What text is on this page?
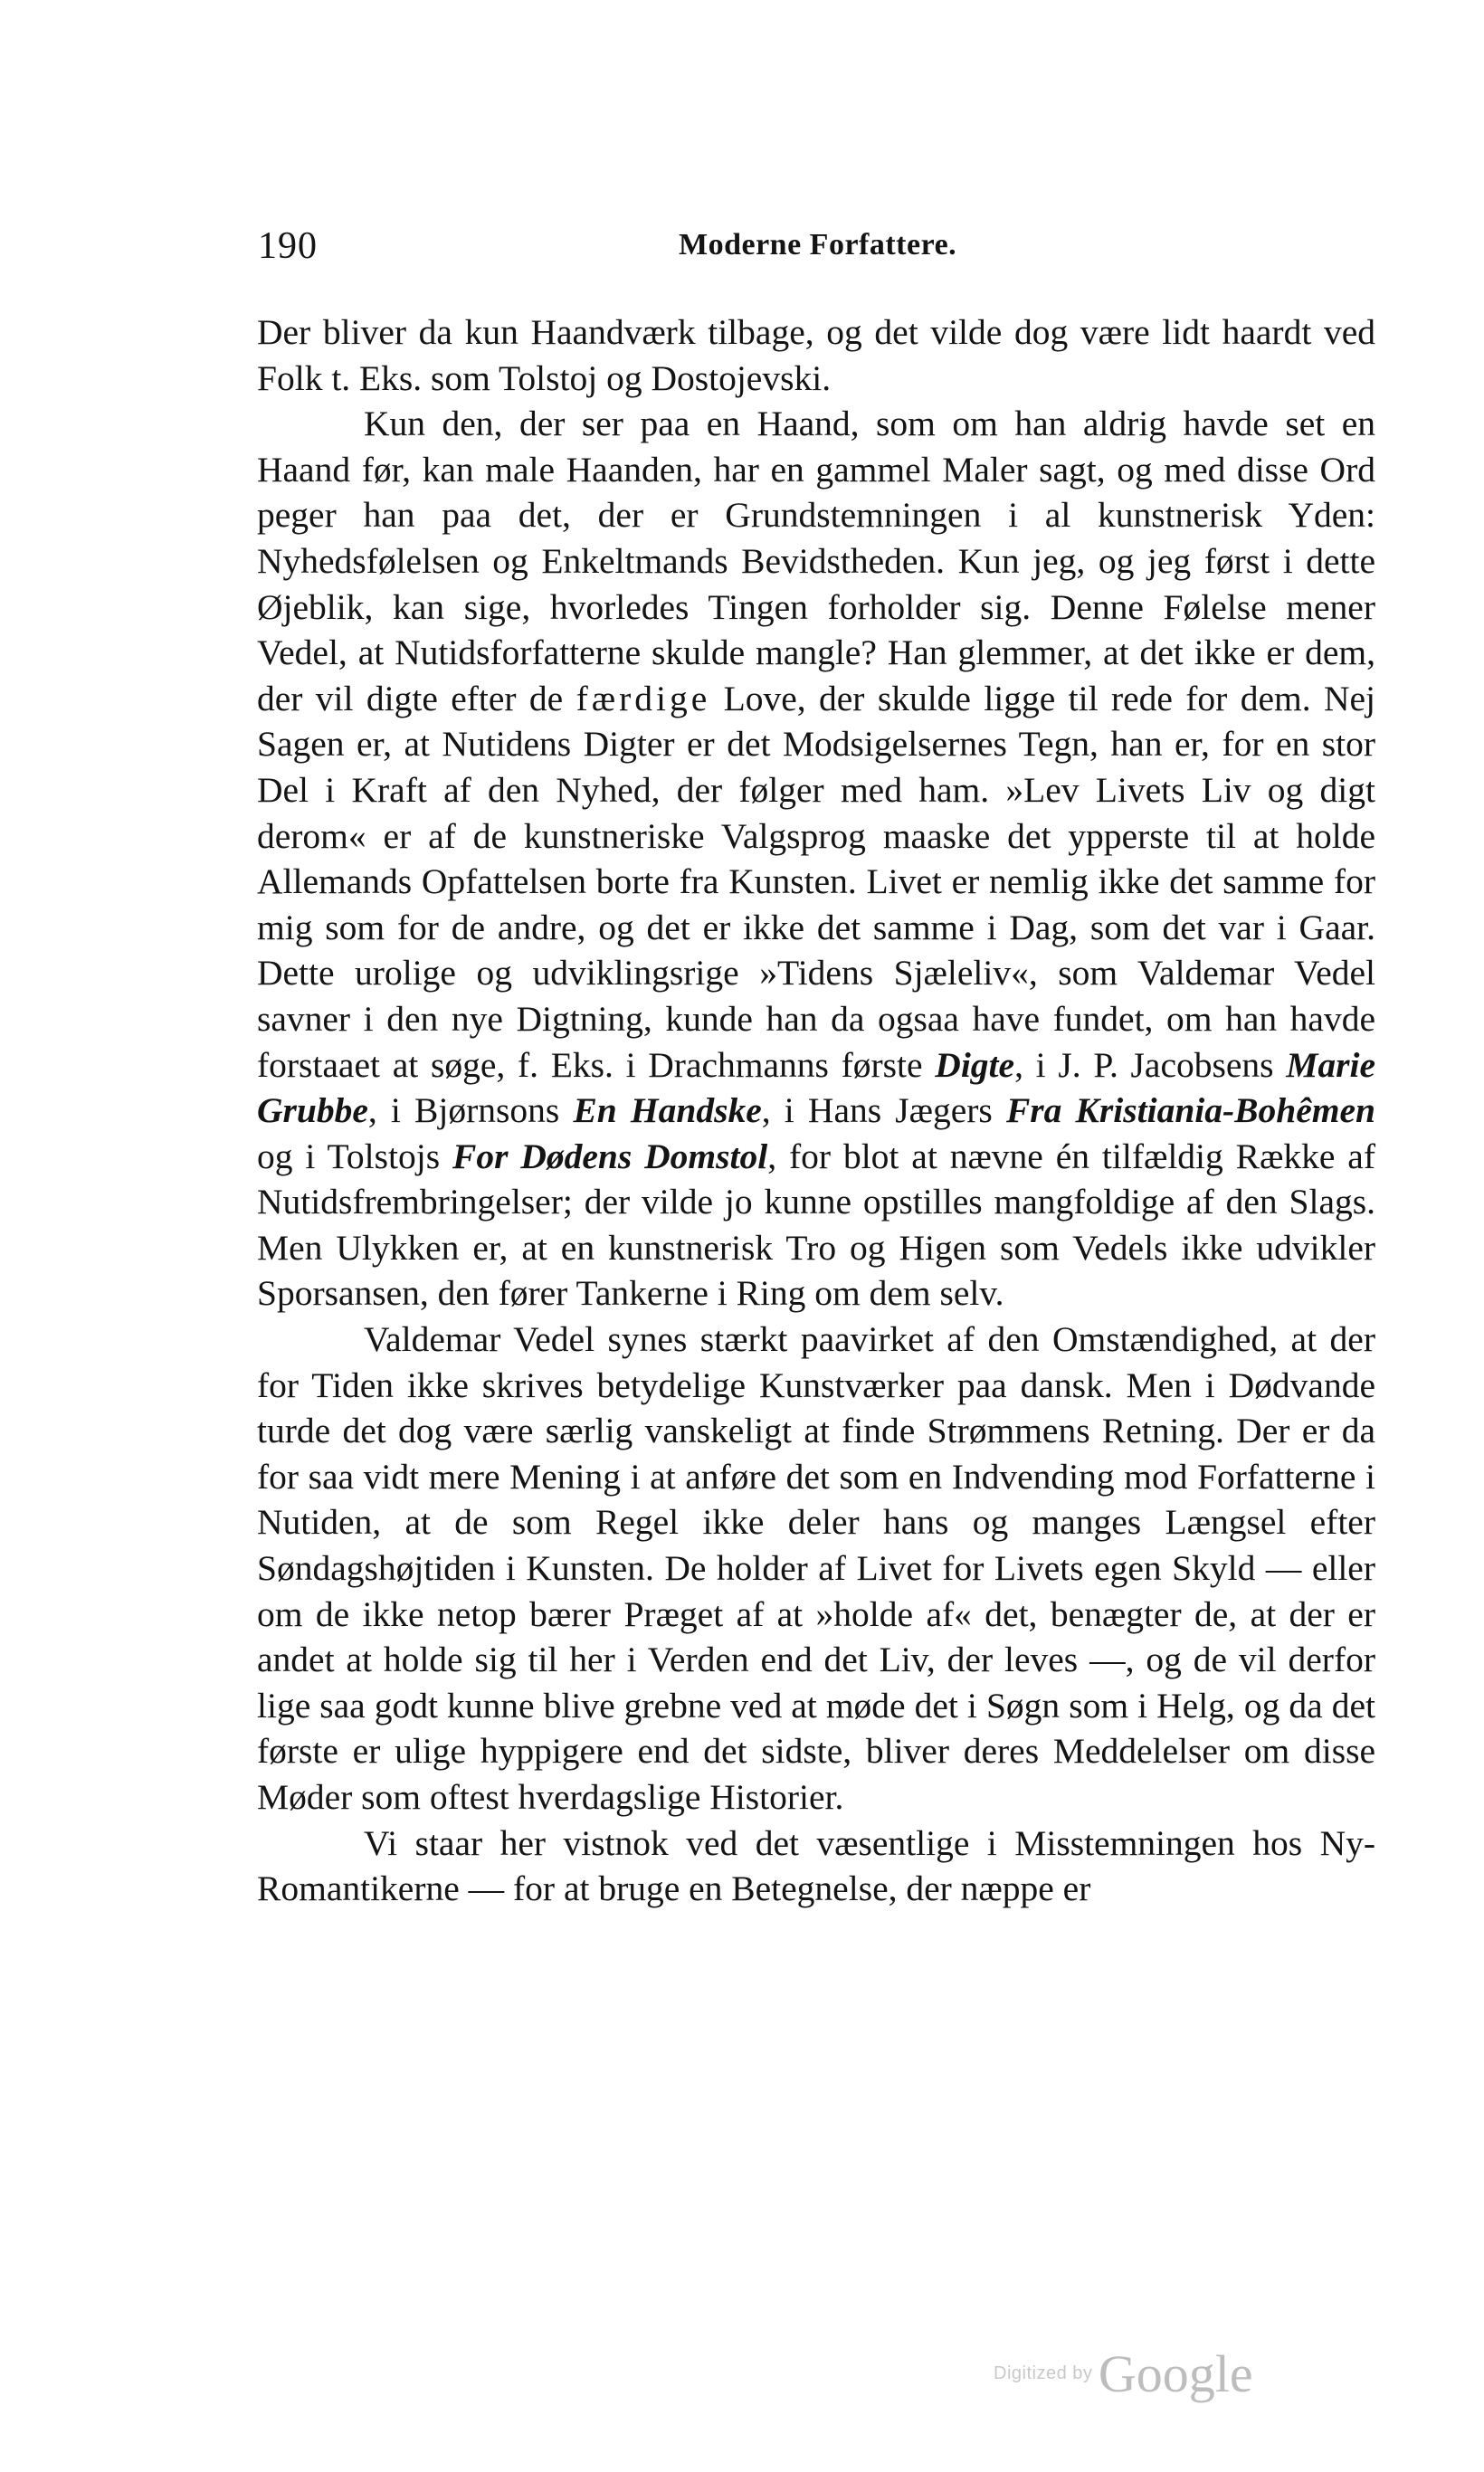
190	Moderne Forfattere.

Der bliver da kun Haandværk tilbage, og det vilde dog være lidt haardt ved Folk t. Eks. som Tolstoj og Dostojevski.

Kun den, der ser paa en Haand, som om han aldrig havde set en Haand før, kan male Haanden, har en gammel Maler sagt, og med disse Ord peger han paa det, der er Grundstemningen i al kunstnerisk Yden: Nyhedsfølelsen og Enkeltmands Bevidstheden. Kun jeg, og jeg først i dette Øjeblik, kan sige, hvorledes Tingen forholder sig. Denne Følelse mener Vedel, at Nutidsforfatterne skulde mangle? Han glemmer, at det ikke er dem, der vil digte efter de færdige Love, der skulde ligge til rede for dem. Nej Sagen er, at Nutidens Digter er det Modsigelsernes Tegn, han er, for en stor Del i Kraft af den Nyhed, der følger med ham. »Lev Livets Liv og digt derom« er af de kunstneriske Valgsprog maaske det ypperste til at holde Allemands Opfattelsen borte fra Kunsten. Livet er nemlig ikke det samme for mig som for de andre, og det er ikke det samme i Dag, som det var i Gaar. Dette urolige og udviklingsrige »Tidens Sjæleliv«, som Valdemar Vedel savner i den nye Digtning, kunde han da ogsaa have fundet, om han havde forstaaet at søge, f. Eks. i Drachmanns første Digte, i J. P. Jacobsens Marie Grubbe, i Bjørnsons En Handske, i Hans Jægers Fra Kristiania-Bohêmen og i Tolstojs For Dødens Domstol, for blot at nævne én tilfældig Række af Nutidsfrembringelser; der vilde jo kunne opstilles mangfoldige af den Slags. Men Ulykken er, at en kunstnerisk Tro og Higen som Vedels ikke udvikler Sporsansen, den fører Tankerne i Ring om dem selv.

Valdemar Vedel synes stærkt paavirket af den Omstændighed, at der for Tiden ikke skrives betydelige Kunstværker paa dansk. Men i Dødvande turde det dog være særlig vanskeligt at finde Strømmens Retning. Der er da for saa vidt mere Mening i at anføre det som en Indvending mod Forfatterne i Nutiden, at de som Regel ikke deler hans og manges Længsel efter Søndagshøjtiden i Kunsten. De holder af Livet for Livets egen Skyld — eller om de ikke netop bærer Præget af at »holde af« det, benægter de, at der er andet at holde sig til her i Verden end det Liv, der leves —, og de vil derfor lige saa godt kunne blive grebne ved at møde det i Søgn som i Helg, og da det første er ulige hyppigere end det sidste, bliver deres Meddelelser om disse Møder som oftest hverdagslige Historier.

Vi staar her vistnok ved det væsentlige i Misstemningen hos Ny-Romantikerne — for at bruge en Betegnelse, der næppe er

Digitized by Google
